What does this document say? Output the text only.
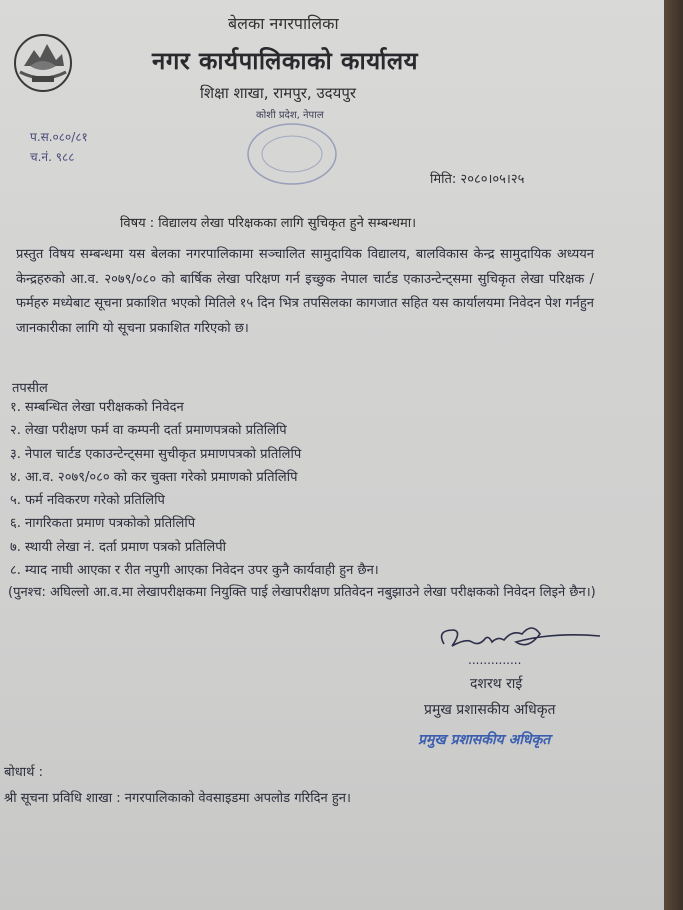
बेलका नगरपालिका
नगर कार्यपालिकाको कार्यालय
शिक्षा शाखा, रामपुर, उदयपुर
कोशी प्रदेश, नेपाल
प.स.०८०/८१
च.नं. ९८८
मिति: २०८०।०५।२५
विषय : विद्यालय लेखा परिक्षकका लागि सुचिकृत हुने सम्बन्धमा।
प्रस्तुत विषय सम्बन्धमा यस बेलका नगरपालिकामा सञ्चालित सामुदायिक विद्यालय, बालविकास केन्द्र सामुदायिक अध्ययन केन्द्रहरुको आ.व. २०७९/०८० को बार्षिक लेखा परिक्षण गर्न इच्छुक नेपाल चार्टड एकाउन्टेन्ट्समा सुचिकृत लेखा परिक्षक / फर्महरु मध्येबाट सूचना प्रकाशित भएको मितिले १५ दिन भित्र तपसिलका कागजात सहित यस कार्यालयमा निवेदन पेश गर्नहुन जानकारीका लागि यो सूचना प्रकाशित गरिएको छ।
तपसील
१. सम्बन्धित लेखा परीक्षकको निवेदन
२. लेखा परीक्षण फर्म वा कम्पनी दर्ता प्रमाणपत्रको प्रतिलिपि
३. नेपाल चार्टड एकाउन्टेन्ट्समा सुचीकृत प्रमाणपत्रको प्रतिलिपि
४. आ.व. २०७९/०८० को कर चुक्ता गरेको प्रमाणको प्रतिलिपि
५. फर्म नविकरण गरेको प्रतिलिपि
६. नागरिकता प्रमाण पत्रकोको प्रतिलिपि
७. स्थायी लेखा नं. दर्ता प्रमाण पत्रको प्रतिलिपी
८. म्याद नाघी आएका र रीत नपुगी आएका निवेदन उपर कुनै कार्यवाही हुन छैन।
(पुनश्च: अघिल्लो आ.व.मा लेखापरीक्षकमा नियुक्ति पाई लेखापरीक्षण प्रतिवेदन नबुझाउने लेखा परीक्षकको निवेदन लिइने छैन।)
..............
दशरथ राई
प्रमुख प्रशासकीय अधिकृत
प्रमुख प्रशासकीय अधिकृत
बोधार्थ :
श्री सूचना प्रविधि शाखा : नगरपालिकाको वेवसाइडमा अपलोड गरिदिन हुन।
